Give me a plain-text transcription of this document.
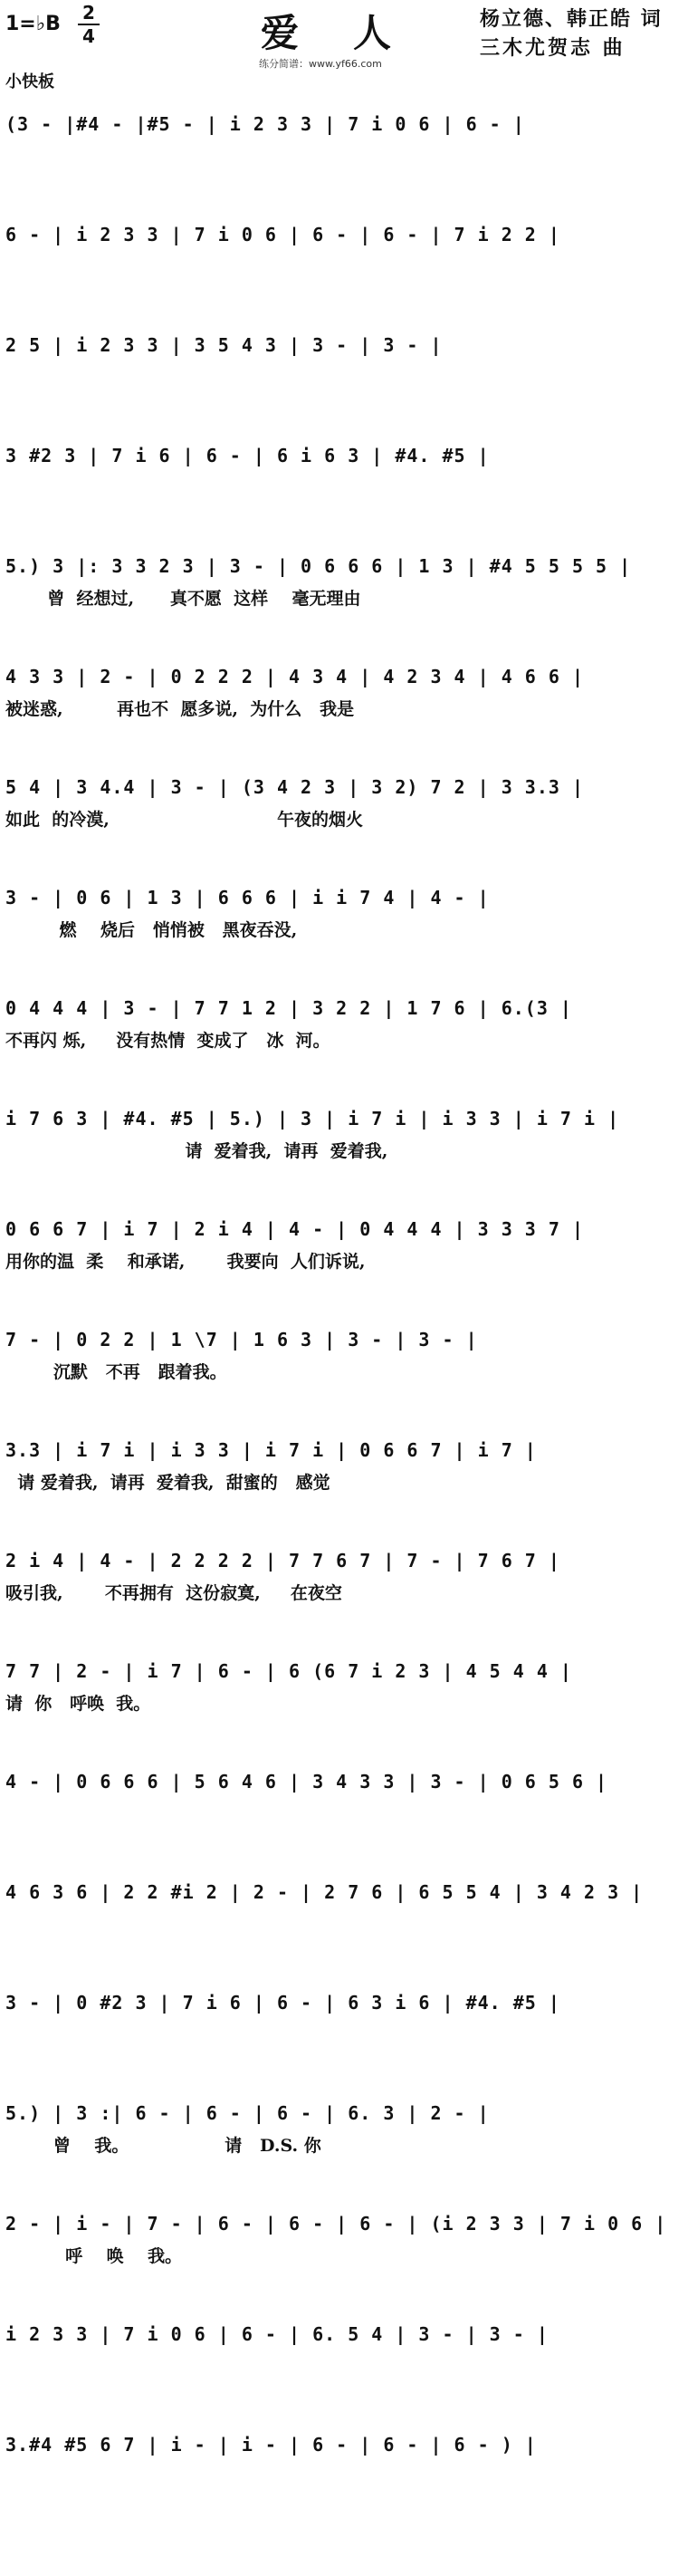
1=♭B 2
4	爱人
练分简谱：www.yf66.com
杨立德、韩正皓 词
三木尤贺志 曲
小快板
(3 - |#4 - |#5 - | i 2 3 3 | 7 i 0 6 | 6 - |
6 - | i 2 3 3 | 7 i 0 6 | 6 - | 6 - | 7 i 2 2 |
2 5 | i 2 3 3 | 3 5 4 3 | 3 - | 3 - |
3 #2 3 | 7 i 6 | 6 - | 6 i 6 3 | #4. #5 |
5.) 3 |: 3 3 2 3 | 3 - | 0 6 6 6 | 1 3 | #4 5 5 5 5 |
曾  经想过,      真不愿  这样    毫无理由
4 3 3 | 2 - | 0 2 2 2 | 4 3 4 | 4 2 3 4 | 4 6 6 |
被迷惑,         再也不  愿多说,  为什么   我是
5 4 | 3 4.4 | 3 - | (3 4 2 3 | 3 2) 7 2 | 3 3.3 |
如此  的冷漠,                            午夜的烟火
3 - | 0 6 | 1 3 | 6 6 6 | i i 7 4 | 4 - |
燃    烧后   悄悄被   黑夜吞没,
0 4 4 4 | 3 - | 7 7 1 2 | 3 2 2 | 1 7 6 | 6.(3 |
不再闪 烁,     没有热情  变成了   冰  河。
i 7 6 3 | #4. #5 | 5.) | 3 | i 7 i | i 3 3 | i 7 i |
请  爱着我,  请再  爱着我,
0 6 6 7 | i 7 | 2 i 4 | 4 - | 0 4 4 4 | 3 3 3 7 |
用你的温  柔    和承诺,       我要向  人们诉说,
7 - | 0 2 2 | 1 \7 | 1 6 3 | 3 - | 3 - |
沉默   不再   跟着我。
3.3 | i 7 i | i 3 3 | i 7 i | 0 6 6 7 | i 7 |
请 爱着我,  请再  爱着我,  甜蜜的   感觉
2 i 4 | 4 - | 2 2 2 2 | 7 7 6 7 | 7 - | 7 6 7 |
吸引我,       不再拥有  这份寂寞,     在夜空
7 7 | 2 - | i 7 | 6 - | 6 (6 7 i 2 3 | 4 5 4 4 |
请  你   呼唤  我。
4 - | 0 6 6 6 | 5 6 4 6 | 3 4 3 3 | 3 - | 0 6 5 6 |
4 6 3 6 | 2 2 #i 2 | 2 - | 2 7 6 | 6 5 5 4 | 3 4 2 3 |
3 - | 0 #2 3 | 7 i 6 | 6 - | 6 3 i 6 | #4. #5 |
5.) | 3 :| 6 - | 6 - | 6 - | 6. 3 | 2 - |
曾    我。                请   D.S. 你
2 - | i - | 7 - | 6 - | 6 - | 6 - | (i 2 3 3 | 7 i 0 6 |
呼    唤    我。
i 2 3 3 | 7 i 0 6 | 6 - | 6. 5 4 | 3 - | 3 - |
3.#4 #5 6 7 | i - | i - | 6 - | 6 - | 6 - ) |
